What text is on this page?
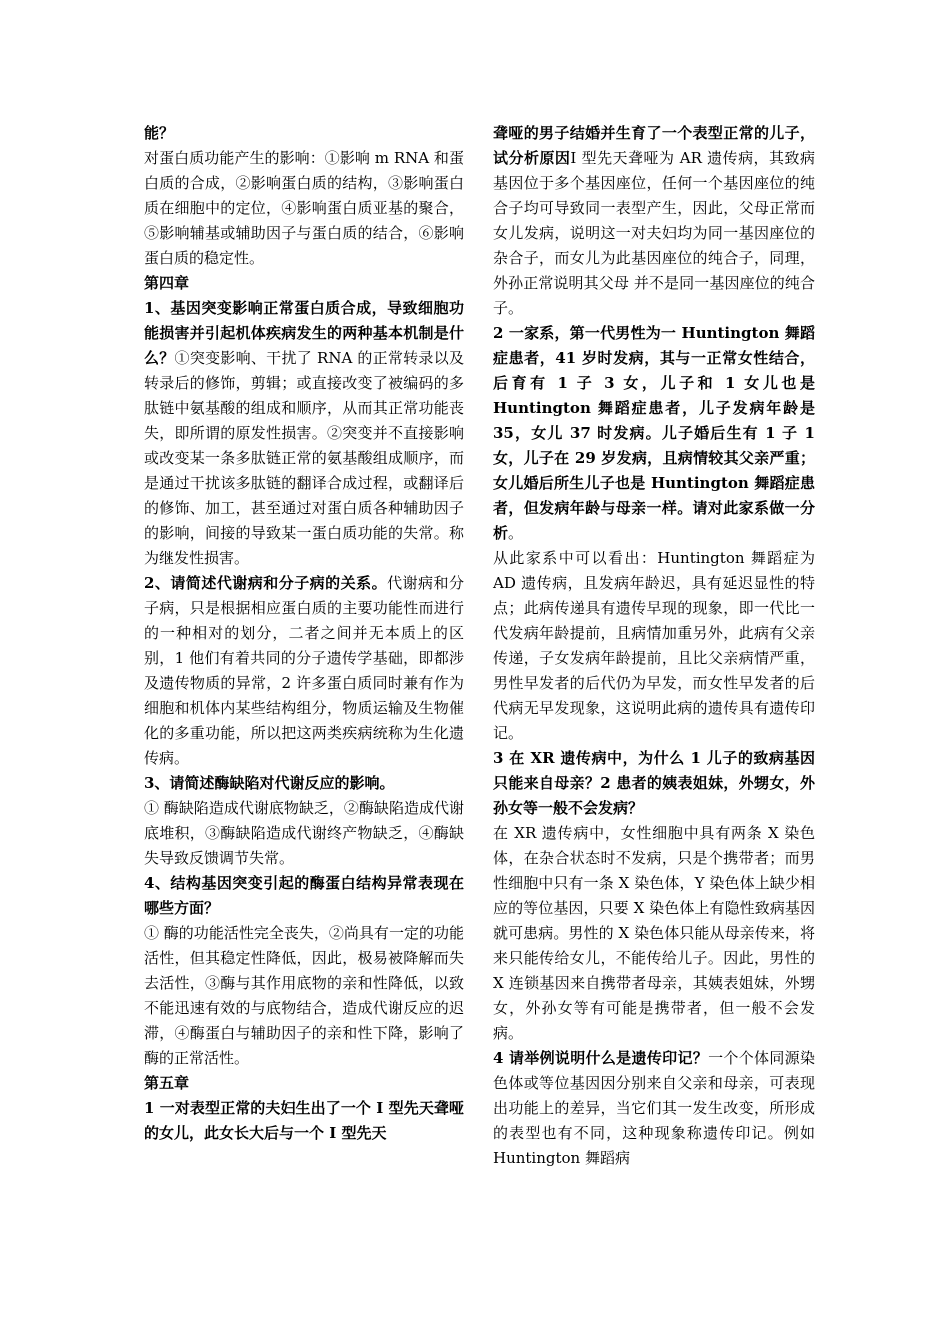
能？
对蛋白质功能产生的影响：①影响 m RNA 和蛋白质的合成，②影响蛋白质的结构，③影响蛋白质在细胞中的定位，④影响蛋白质亚基的聚合，⑤影响辅基或辅助因子与蛋白质的结合，⑥影响蛋白质的稳定性。

第四章

1、基因突变影响正常蛋白质合成，导致细胞功能损害并引起机体疾病发生的两种基本机制是什么？①突变影响、干扰了 RNA 的正常转录以及转录后的修饰，剪辑；或直接改变了被编码的多肽链中氨基酸的组成和顺序，从而其正常功能丧失，即所谓的原发性损害。②突变并不直接影响或改变某一条多肽链正常的氨基酸组成顺序，而是通过干扰该多肽链的翻译合成过程，或翻译后的修饰、加工，甚至通过对蛋白质各种辅助因子的影响，间接的导致某一蛋白质功能的失常。称为继发性损害。

2、请简述代谢病和分子病的关系。代谢病和分子病，只是根据相应蛋白质的主要功能性而进行的一种相对的划分，二者之间并无本质上的区别，1 他们有着共同的分子遗传学基础，即都涉及遗传物质的异常，2 许多蛋白质同时兼有作为细胞和机体内某些结构组分，物质运输及生物催化的多重功能，所以把这两类疾病统称为生化遗传病。

3、请简述酶缺陷对代谢反应的影响。

① 酶缺陷造成代谢底物缺乏，②酶缺陷造成代谢底堆积，③酶缺陷造成代谢终产物缺乏，④酶缺失导致反馈调节失常。

4、结构基因突变引起的酶蛋白结构异常表现在哪些方面？

① 酶的功能活性完全丧失，②尚具有一定的功能活性，但其稳定性降低，因此，极易被降解而失去活性，③酶与其作用底物的亲和性降低，以致不能迅速有效的与底物结合，造成代谢反应的迟滞，④酶蛋白与辅助因子的亲和性下降，影响了酶的正常活性。

第五章

1 一对表型正常的夫妇生出了一个 I 型先天聋哑的女儿，此女长大后与一个 I 型先天

聋哑的男子结婚并生育了一个表型正常的儿子，试分析原因I 型先天聋哑为 AR 遗传病，其致病基因位于多个基因座位，任何一个基因座位的纯合子均可导致同一表型产生，因此，父母正常而女儿发病，说明这一对夫妇均为同一基因座位的杂合子，而女儿为此基因座位的纯合子，同理，外孙正常说明其父母 并不是同一基因座位的纯合子。

2 一家系，第一代男性为一 Huntington 舞蹈症患者，41 岁时发病，其与一正常女性结合，后育有 1 子 3 女，儿子和 1 女儿也是 Huntington 舞蹈症患者，儿子发病年龄是 35，女儿 37 时发病。儿子婚后生有 1 子 1 女，儿子在 29 岁发病，且病情较其父亲严重；女儿婚后所生儿子也是 Huntington 舞蹈症患者，但发病年龄与母亲一样。请对此家系做一分析。

从此家系中可以看出：Huntington 舞蹈症为 AD 遗传病，且发病年龄迟，具有延迟显性的特点；此病传递具有遗传早现的现象，即一代比一代发病年龄提前，且病情加重另外，此病有父亲传递，子女发病年龄提前，且比父亲病情严重，男性早发者的后代仍为早发，而女性早发者的后代病无早发现象，这说明此病的遗传具有遗传印记。

3 在 XR 遗传病中，为什么 1 儿子的致病基因只能来自母亲？2 患者的姨表姐妹，外甥女，外孙女等一般不会发病？

在 XR 遗传病中，女性细胞中具有两条 X 染色体，在杂合状态时不发病，只是个携带者；而男性细胞中只有一条 X 染色体，Y 染色体上缺少相应的等位基因，只要 X 染色体上有隐性致病基因就可患病。男性的 X 染色体只能从母亲传来，将来只能传给女儿，不能传给儿子。因此，男性的 X 连锁基因来自携带者母亲，其姨表姐妹，外甥女，外孙女等有可能是携带者，但一般不会发病。

4 请举例说明什么是遗传印记？一个个体同源染色体或等位基因因分别来自父亲和母亲，可表现出功能上的差异，当它们其一发生改变，所形成的表型也有不同，这种现象称遗传印记。例如 Huntington 舞蹈病
